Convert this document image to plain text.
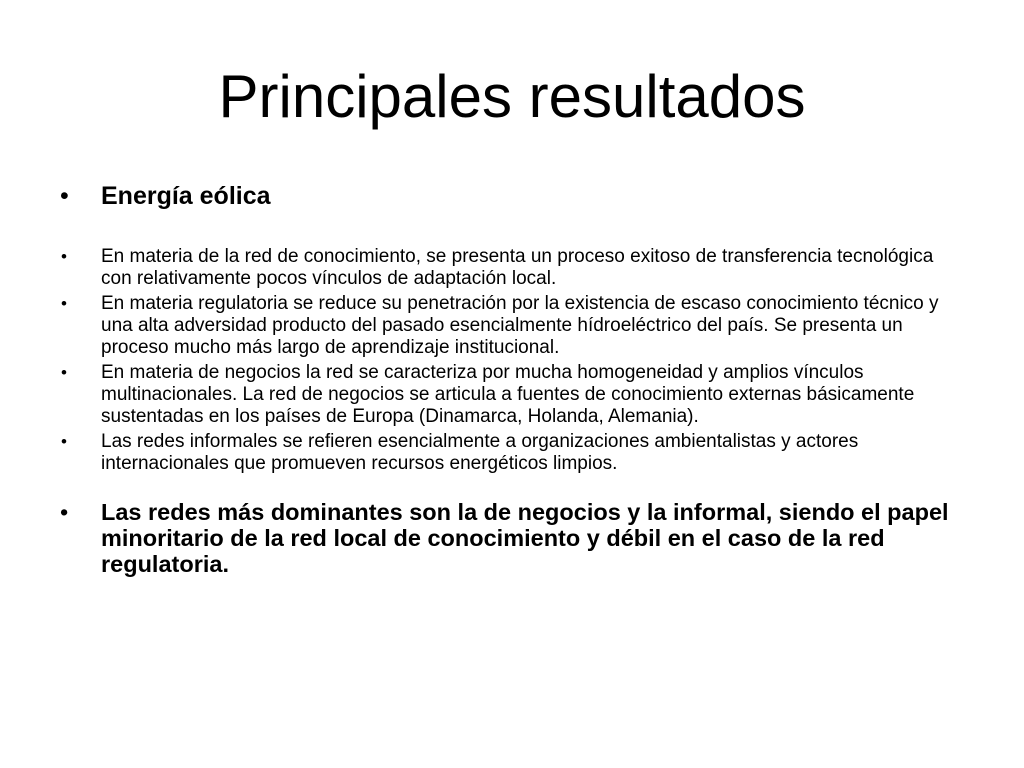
Principales resultados
• Energía eólica
• En materia de la red de conocimiento, se presenta un proceso exitoso de transferencia tecnológica con relativamente pocos vínculos de adaptación local.
• En materia regulatoria se reduce su penetración por la existencia de escaso conocimiento técnico y una alta adversidad producto del pasado esencialmente hídroeléctrico del país. Se presenta un proceso mucho más largo de aprendizaje institucional.
• En materia de negocios la red se caracteriza por mucha homogeneidad y amplios vínculos multinacionales. La red de negocios se articula a fuentes de conocimiento externas básicamente sustentadas en los países de Europa (Dinamarca, Holanda, Alemania).
• Las redes informales se refieren esencialmente a organizaciones ambientalistas y actores internacionales que promueven recursos energéticos limpios.
• Las redes más dominantes son la de negocios y la informal, siendo el papel minoritario de la red local de conocimiento y débil en el caso de la red regulatoria.
